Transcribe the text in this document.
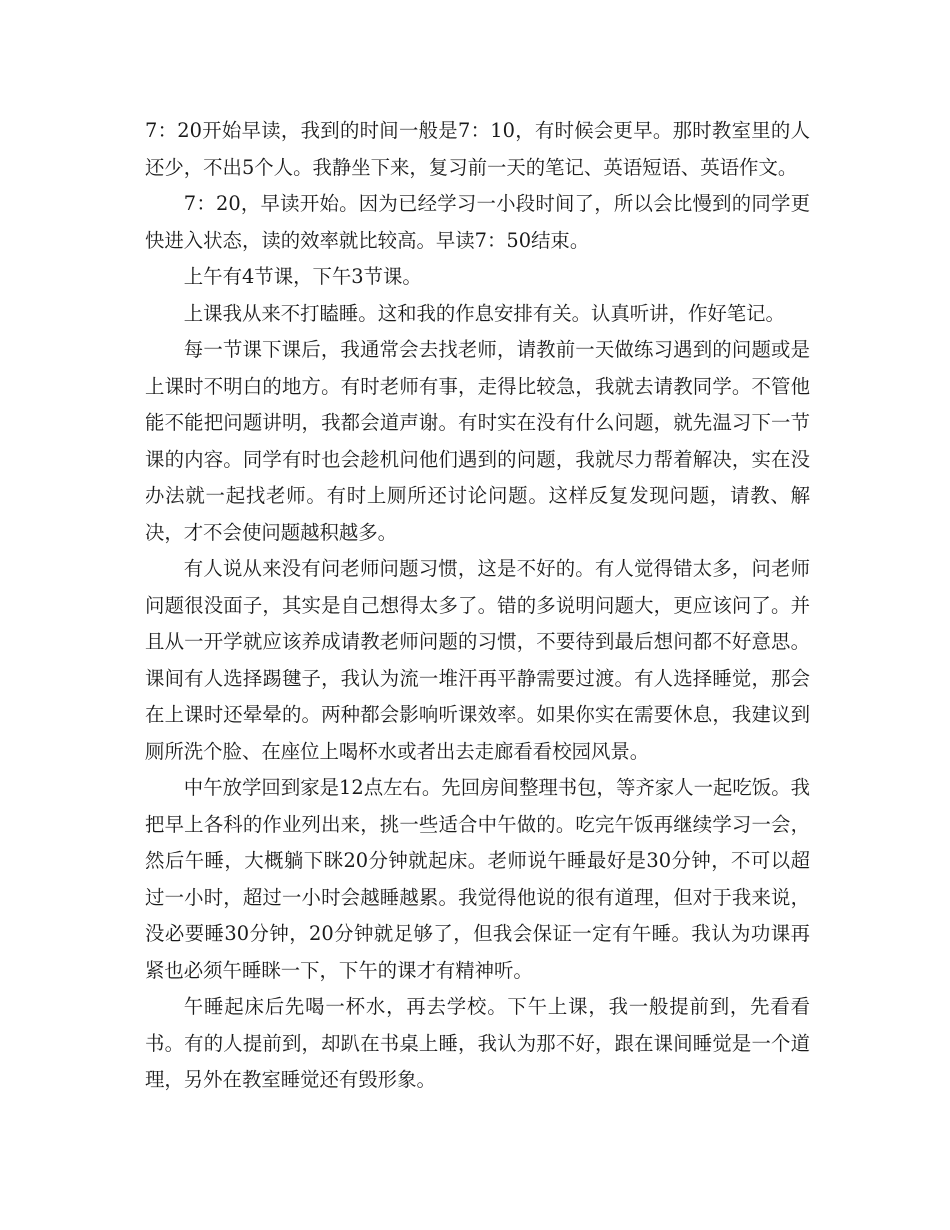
7：20开始早读，我到的时间一般是7：10，有时候会更早。那时教室里的人还少，不出5个人。我静坐下来，复习前一天的笔记、英语短语、英语作文。

7：20，早读开始。因为已经学习一小段时间了，所以会比慢到的同学更快进入状态，读的效率就比较高。早读7：50结束。

上午有4节课，下午3节课。

上课我从来不打瞌睡。这和我的作息安排有关。认真听讲，作好笔记。

每一节课下课后，我通常会去找老师，请教前一天做练习遇到的问题或是上课时不明白的地方。有时老师有事，走得比较急，我就去请教同学。不管他能不能把问题讲明，我都会道声谢。有时实在没有什么问题，就先温习下一节课的内容。同学有时也会趁机问他们遇到的问题，我就尽力帮着解决，实在没办法就一起找老师。有时上厕所还讨论问题。这样反复发现问题，请教、解决，才不会使问题越积越多。

有人说从来没有问老师问题习惯，这是不好的。有人觉得错太多，问老师问题很没面子，其实是自己想得太多了。错的多说明问题大，更应该问了。并且从一开学就应该养成请教老师问题的习惯，不要待到最后想问都不好意思。课间有人选择踢毽子，我认为流一堆汗再平静需要过渡。有人选择睡觉，那会在上课时还晕晕的。两种都会影响听课效率。如果你实在需要休息，我建议到厕所洗个脸、在座位上喝杯水或者出去走廊看看校园风景。

中午放学回到家是12点左右。先回房间整理书包，等齐家人一起吃饭。我把早上各科的作业列出来，挑一些适合中午做的。吃完午饭再继续学习一会，然后午睡，大概躺下眯20分钟就起床。老师说午睡最好是30分钟，不可以超过一小时，超过一小时会越睡越累。我觉得他说的很有道理，但对于我来说，没必要睡30分钟，20分钟就足够了，但我会保证一定有午睡。我认为功课再紧也必须午睡眯一下，下午的课才有精神听。

午睡起床后先喝一杯水，再去学校。下午上课，我一般提前到，先看看书。有的人提前到，却趴在书桌上睡，我认为那不好，跟在课间睡觉是一个道理，另外在教室睡觉还有毁形象。
